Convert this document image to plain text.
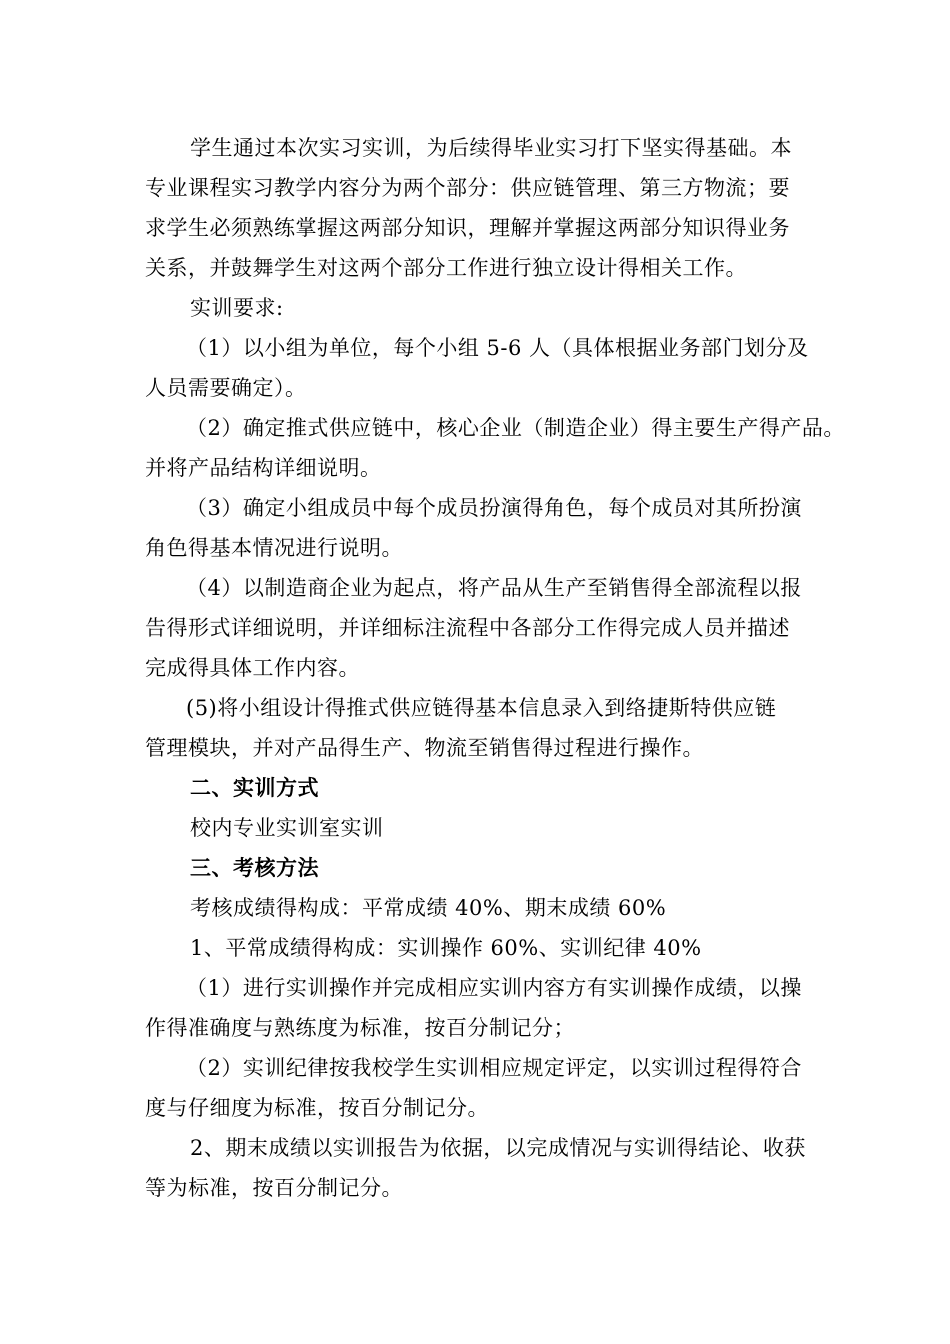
学生通过本次实习实训，为后续得毕业实习打下坚实得基础。本
专业课程实习教学内容分为两个部分：供应链管理、第三方物流；要
求学生必须熟练掌握这两部分知识，理解并掌握这两部分知识得业务
关系，并鼓舞学生对这两个部分工作进行独立设计得相关工作。
实训要求:
（1）以小组为单位，每个小组 5-6 人（具体根据业务部门划分及
人员需要确定）。
（2）确定推式供应链中，核心企业（制造企业）得主要生产得产品。
并将产品结构详细说明。
（3）确定小组成员中每个成员扮演得角色，每个成员对其所扮演
角色得基本情况进行说明。
（4）以制造商企业为起点，将产品从生产至销售得全部流程以报
告得形式详细说明，并详细标注流程中各部分工作得完成人员并描述
完成得具体工作内容。
(5)将小组设计得推式供应链得基本信息录入到络捷斯特供应链
管理模块，并对产品得生产、物流至销售得过程进行操作。
二、实训方式
校内专业实训室实训
三、考核方法
考核成绩得构成：平常成绩 40%、期末成绩 60%
1、平常成绩得构成：实训操作 60%、实训纪律 40%
（1）进行实训操作并完成相应实训内容方有实训操作成绩，以操
作得准确度与熟练度为标准，按百分制记分；
（2）实训纪律按我校学生实训相应规定评定，以实训过程得符合
度与仔细度为标准，按百分制记分。
2、期末成绩以实训报告为依据，以完成情况与实训得结论、收获
等为标准，按百分制记分。
